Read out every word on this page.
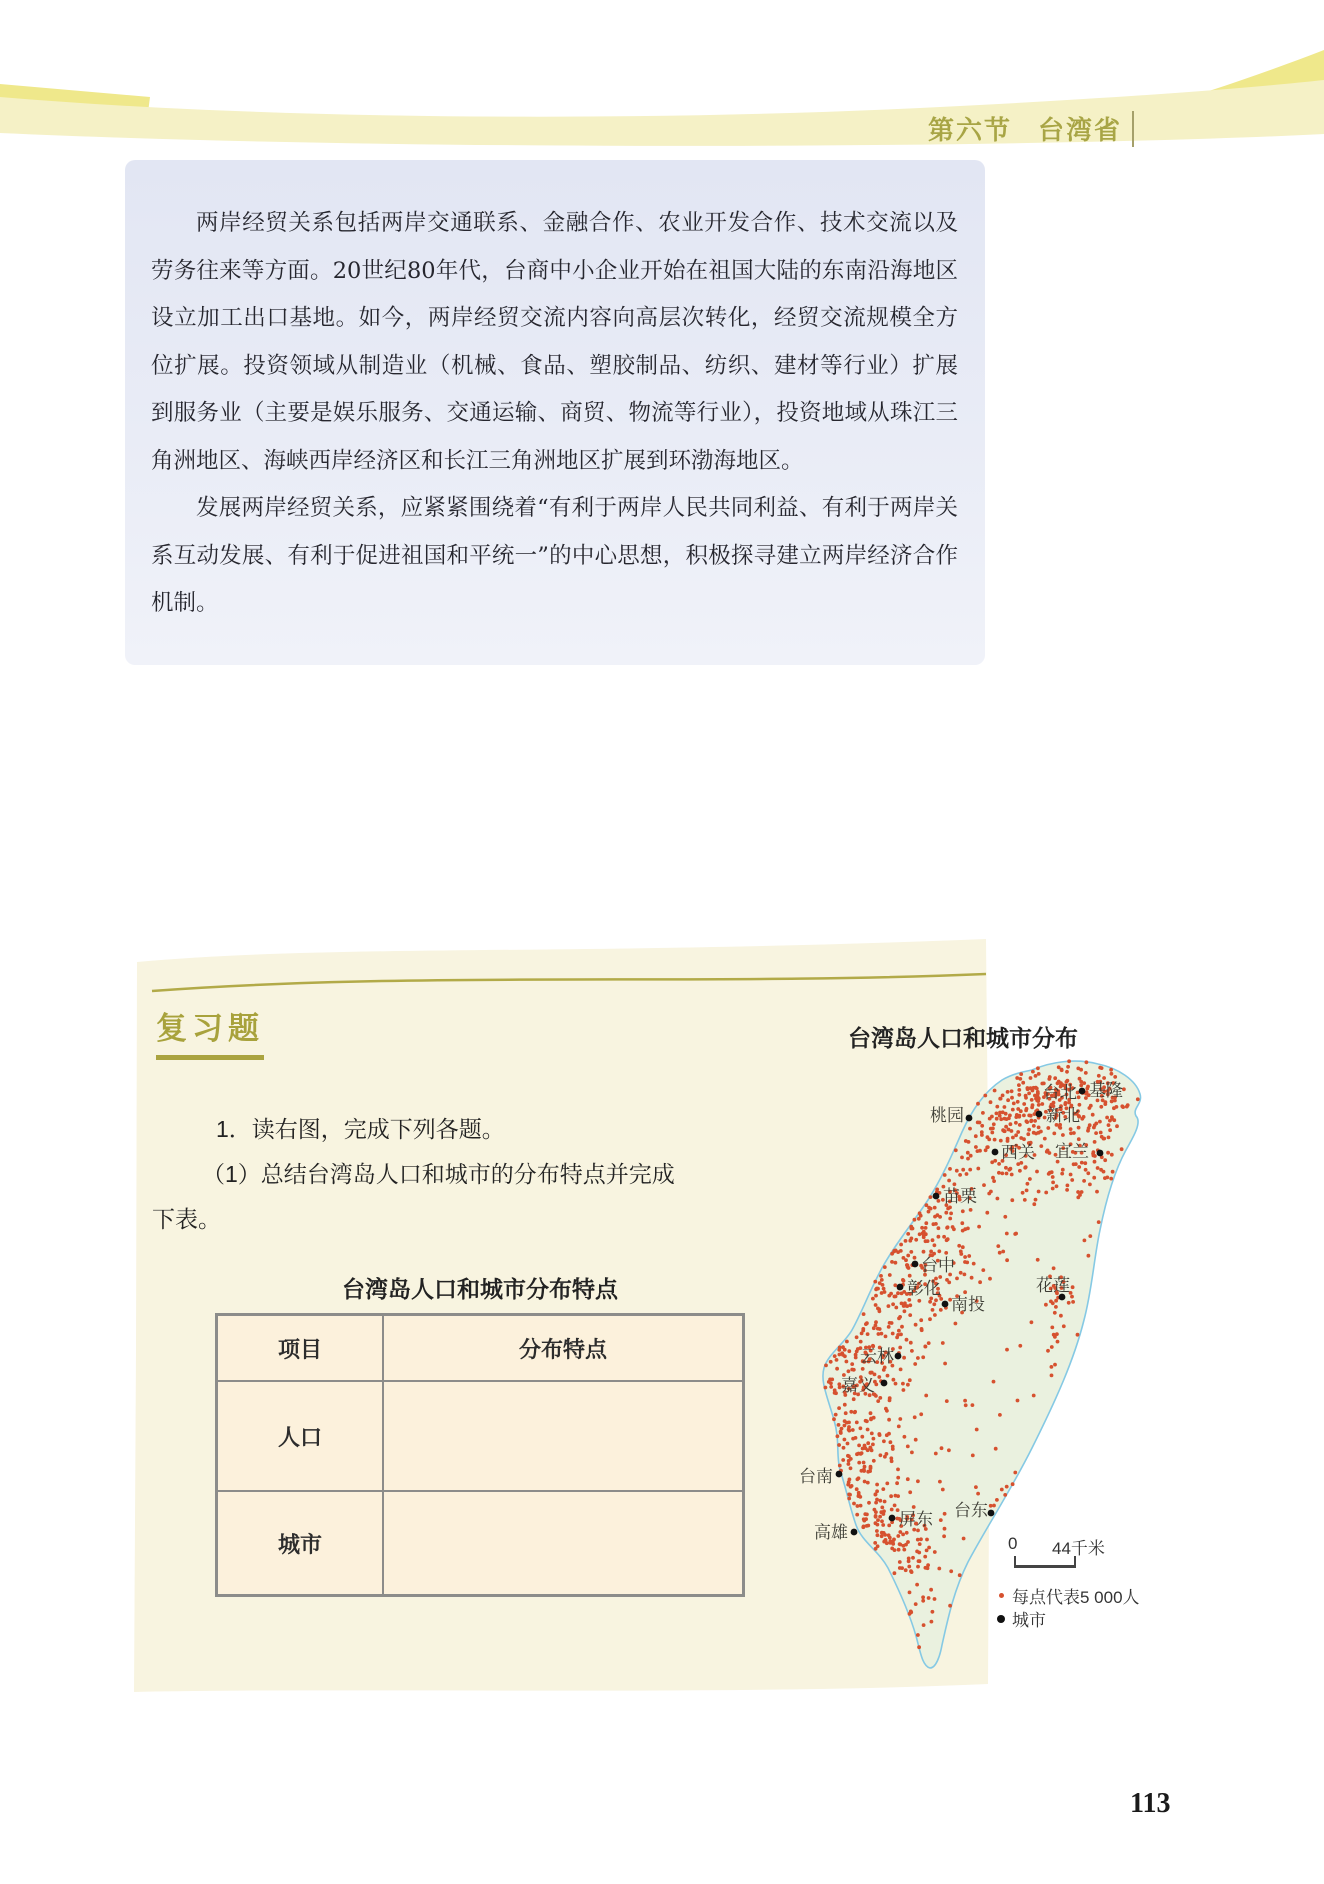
第六节 台湾省

两岸经贸关系包括两岸交通联系、金融合作、农业开发合作、技术交流以及劳务往来等方面。20世纪80年代，台商中小企业开始在祖国大陆的东南沿海地区设立加工出口基地。如今，两岸经贸交流内容向高层次转化，经贸交流规模全方位扩展。投资领域从制造业（机械、食品、塑胶制品、纺织、建材等行业）扩展到服务业（主要是娱乐服务、交通运输、商贸、物流等行业），投资地域从珠江三角洲地区、海峡西岸经济区和长江三角洲地区扩展到环渤海地区。

发展两岸经贸关系，应紧紧围绕着“有利于两岸人民共同利益、有利于两岸关系互动发展、有利于促进祖国和平统一”的中心思想，积极探寻建立两岸经济合作机制。

复习题
1．读右图，完成下列各题。
（1）总结台湾岛人口和城市的分布特点并完成
下表。
台湾岛人口和城市分布特点
项目	分布特点
人口
城市
台湾岛人口和城市分布
台北 基隆
新北
桃园
西关 宜兰
苗栗
台中
彰化
南投
花莲
云林
嘉义
台南
高雄
屏东 台东
0 44千米
每点代表5 000人
城市
113
